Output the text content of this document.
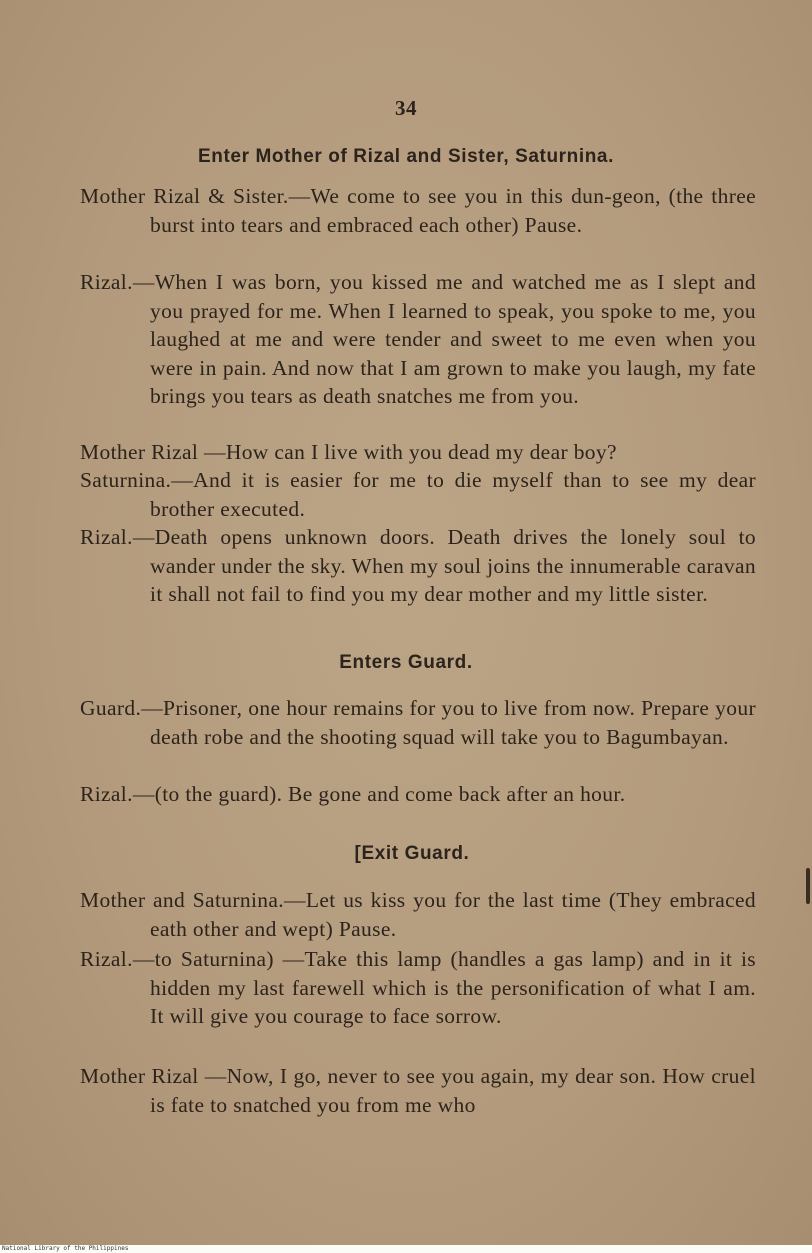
34
Enter Mother of Rizal and Sister, Saturnina.
Mother Rizal & Sister.—We come to see you in this dun-geon, (the three burst into tears and embraced each other) Pause.
Rizal.—When I was born, you kissed me and watched me as I slept and you prayed for me. When I learned to speak, you spoke to me, you laughed at me and were tender and sweet to me even when you were in pain. And now that I am grown to make you laugh, my fate brings you tears as death snatches me from you.
Mother Rizal —How can I live with you dead my dear boy?
Saturnina.—And it is easier for me to die myself than to see my dear brother executed.
Rizal.—Death opens unknown doors. Death drives the lonely soul to wander under the sky. When my soul joins the innumerable caravan it shall not fail to find you my dear mother and my little sister.
Enters Guard.
Guard.—Prisoner, one hour remains for you to live from now. Prepare your death robe and the shooting squad will take you to Bagumbayan.
Rizal.—(to the guard). Be gone and come back after an hour.
[Exit Guard.
Mother and Saturnina.—Let us kiss you for the last time (They embraced eath other and wept) Pause.
Rizal.—to Saturnina) —Take this lamp (handles a gas lamp) and in it is hidden my last farewell which is the personification of what I am. It will give you courage to face sorrow.
Mother Rizal —Now, I go, never to see you again, my dear son. How cruel is fate to snatched you from me who
National Library of the Philippines
